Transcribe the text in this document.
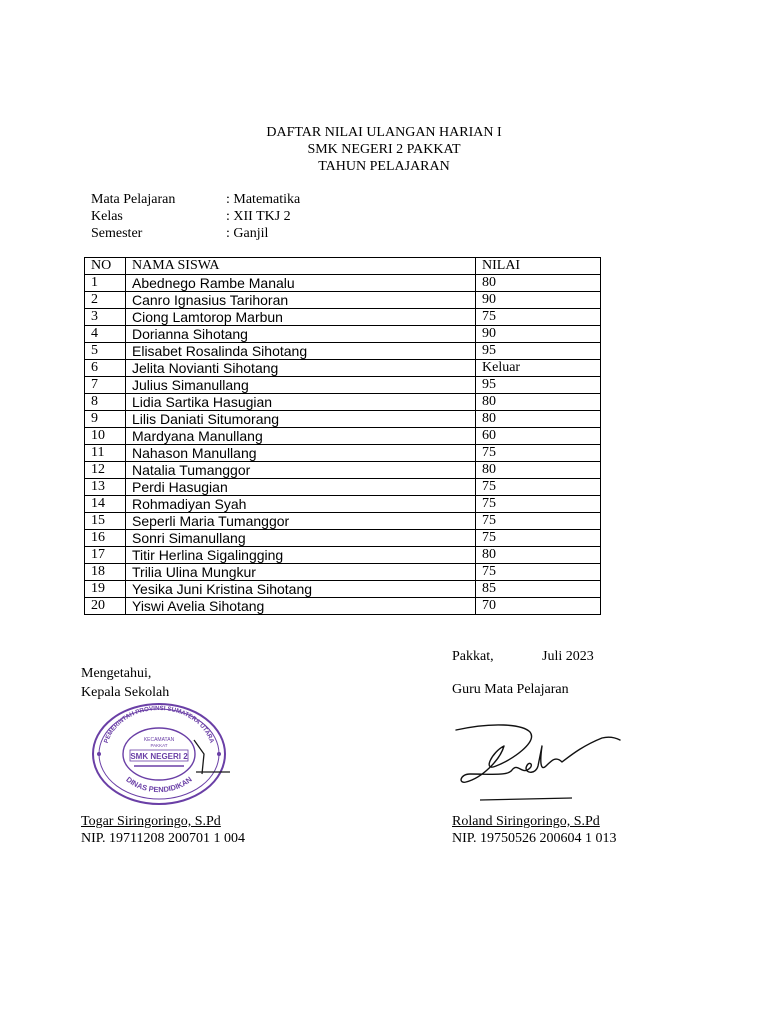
DAFTAR NILAI ULANGAN HARIAN I
SMK NEGERI 2 PAKKAT
TAHUN PELAJARAN
Mata Pelajaran	: Matematika
Kelas	: XII TKJ 2
Semester	: Ganjil
NO	NAMA SISWA	NILAI
1	Abednego Rambe Manalu	80
2	Canro Ignasius Tarihoran	90
3	Ciong Lamtorop Marbun	75
4	Dorianna Sihotang	90
5	Elisabet Rosalinda Sihotang	95
6	Jelita Novianti Sihotang	Keluar
7	Julius Simanullang	95
8	Lidia Sartika Hasugian	80
9	Lilis Daniati Situmorang	80
10	Mardyana Manullang	60
11	Nahason Manullang	75
12	Natalia Tumanggor	80
13	Perdi Hasugian	75
14	Rohmadiyan Syah	75
15	Seperli Maria Tumanggor	75
16	Sonri Simanullang	75
17	Titir Herlina Sigalingging	80
18	Trilia Ulina Mungkur	75
19	Yesika Juni Kristina Sihotang	85
20	Yiswi Avelia Sihotang	70
Pakkat,	Juli 2023
Mengetahui,
Kepala Sekolah	Guru Mata Pelajaran
PEMERINTAH PROVINSI SUMATERA UTARA
DINAS PENDIDIKAN
KECAMATAN
PAKKAT
SMK NEGERI 2
Togar Siringoringo, S.Pd
NIP. 19711208 200701 1 004
Roland Siringoringo, S.Pd
NIP. 19750526 200604 1 013
